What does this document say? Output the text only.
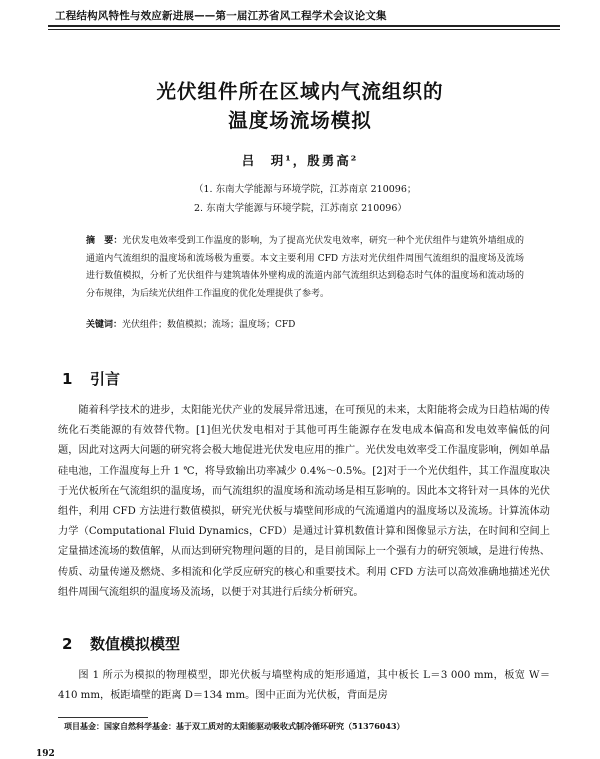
工程结构风特性与效应新进展——第一届江苏省风工程学术会议论文集
光伏组件所在区域内气流组织的
温度场流场模拟
吕　玥¹，殷勇高²
（1. 东南大学能源与环境学院，江苏南京 210096；
2. 东南大学能源与环境学院，江苏南京 210096）
摘　要：光伏发电效率受到工作温度的影响，为了提高光伏发电效率，研究一种个光伏组件与建筑外墙组成的通道内气流组织的温度场和流场极为重要。本文主要利用 CFD 方法对光伏组件周围气流组织的温度场及流场进行数值模拟，分析了光伏组件与建筑墙体外壁构成的流道内部气流组织达到稳态时气体的温度场和流动场的分布规律，为后续光伏组件工作温度的优化处理提供了参考。
关键词：光伏组件；数值模拟；流场；温度场；CFD
1 引言
随着科学技术的进步，太阳能光伏产业的发展异常迅速，在可预见的未来，太阳能将会成为日趋枯竭的传统化石类能源的有效替代物。[1]但光伏发电相对于其他可再生能源存在发电成本偏高和发电效率偏低的问题，因此对这两大问题的研究将会极大地促进光伏发电应用的推广。光伏发电效率受工作温度影响，例如单晶硅电池，工作温度每上升 1 ℃，将导致输出功率减少 0.4%～0.5%。[2]对于一个光伏组件，其工作温度取决于光伏板所在气流组织的温度场，而气流组织的温度场和流动场是相互影响的。因此本文将针对一具体的光伏组件，利用 CFD 方法进行数值模拟，研究光伏板与墙壁间形成的气流通道内的温度场以及流场。计算流体动力学（Computational Fluid Dynamics，CFD）是通过计算机数值计算和图像显示方法，在时间和空间上定量描述流场的数值解，从而达到研究物理问题的目的，是目前国际上一个强有力的研究领域，是进行传热、传质、动量传递及燃烧、多相流和化学反应研究的核心和重要技术。利用 CFD 方法可以高效准确地描述光伏组件周围气流组织的温度场及流场，以便于对其进行后续分析研究。
2 数值模拟模型
图 1 所示为模拟的物理模型，即光伏板与墙壁构成的矩形通道，其中板长 L＝3 000 mm，板宽 W＝410 mm，板距墙壁的距离 D＝134 mm。图中正面为光伏板，背面是房
项目基金：国家自然科学基金：基于双工质对的太阳能驱动吸收式制冷循环研究（51376043）
192
